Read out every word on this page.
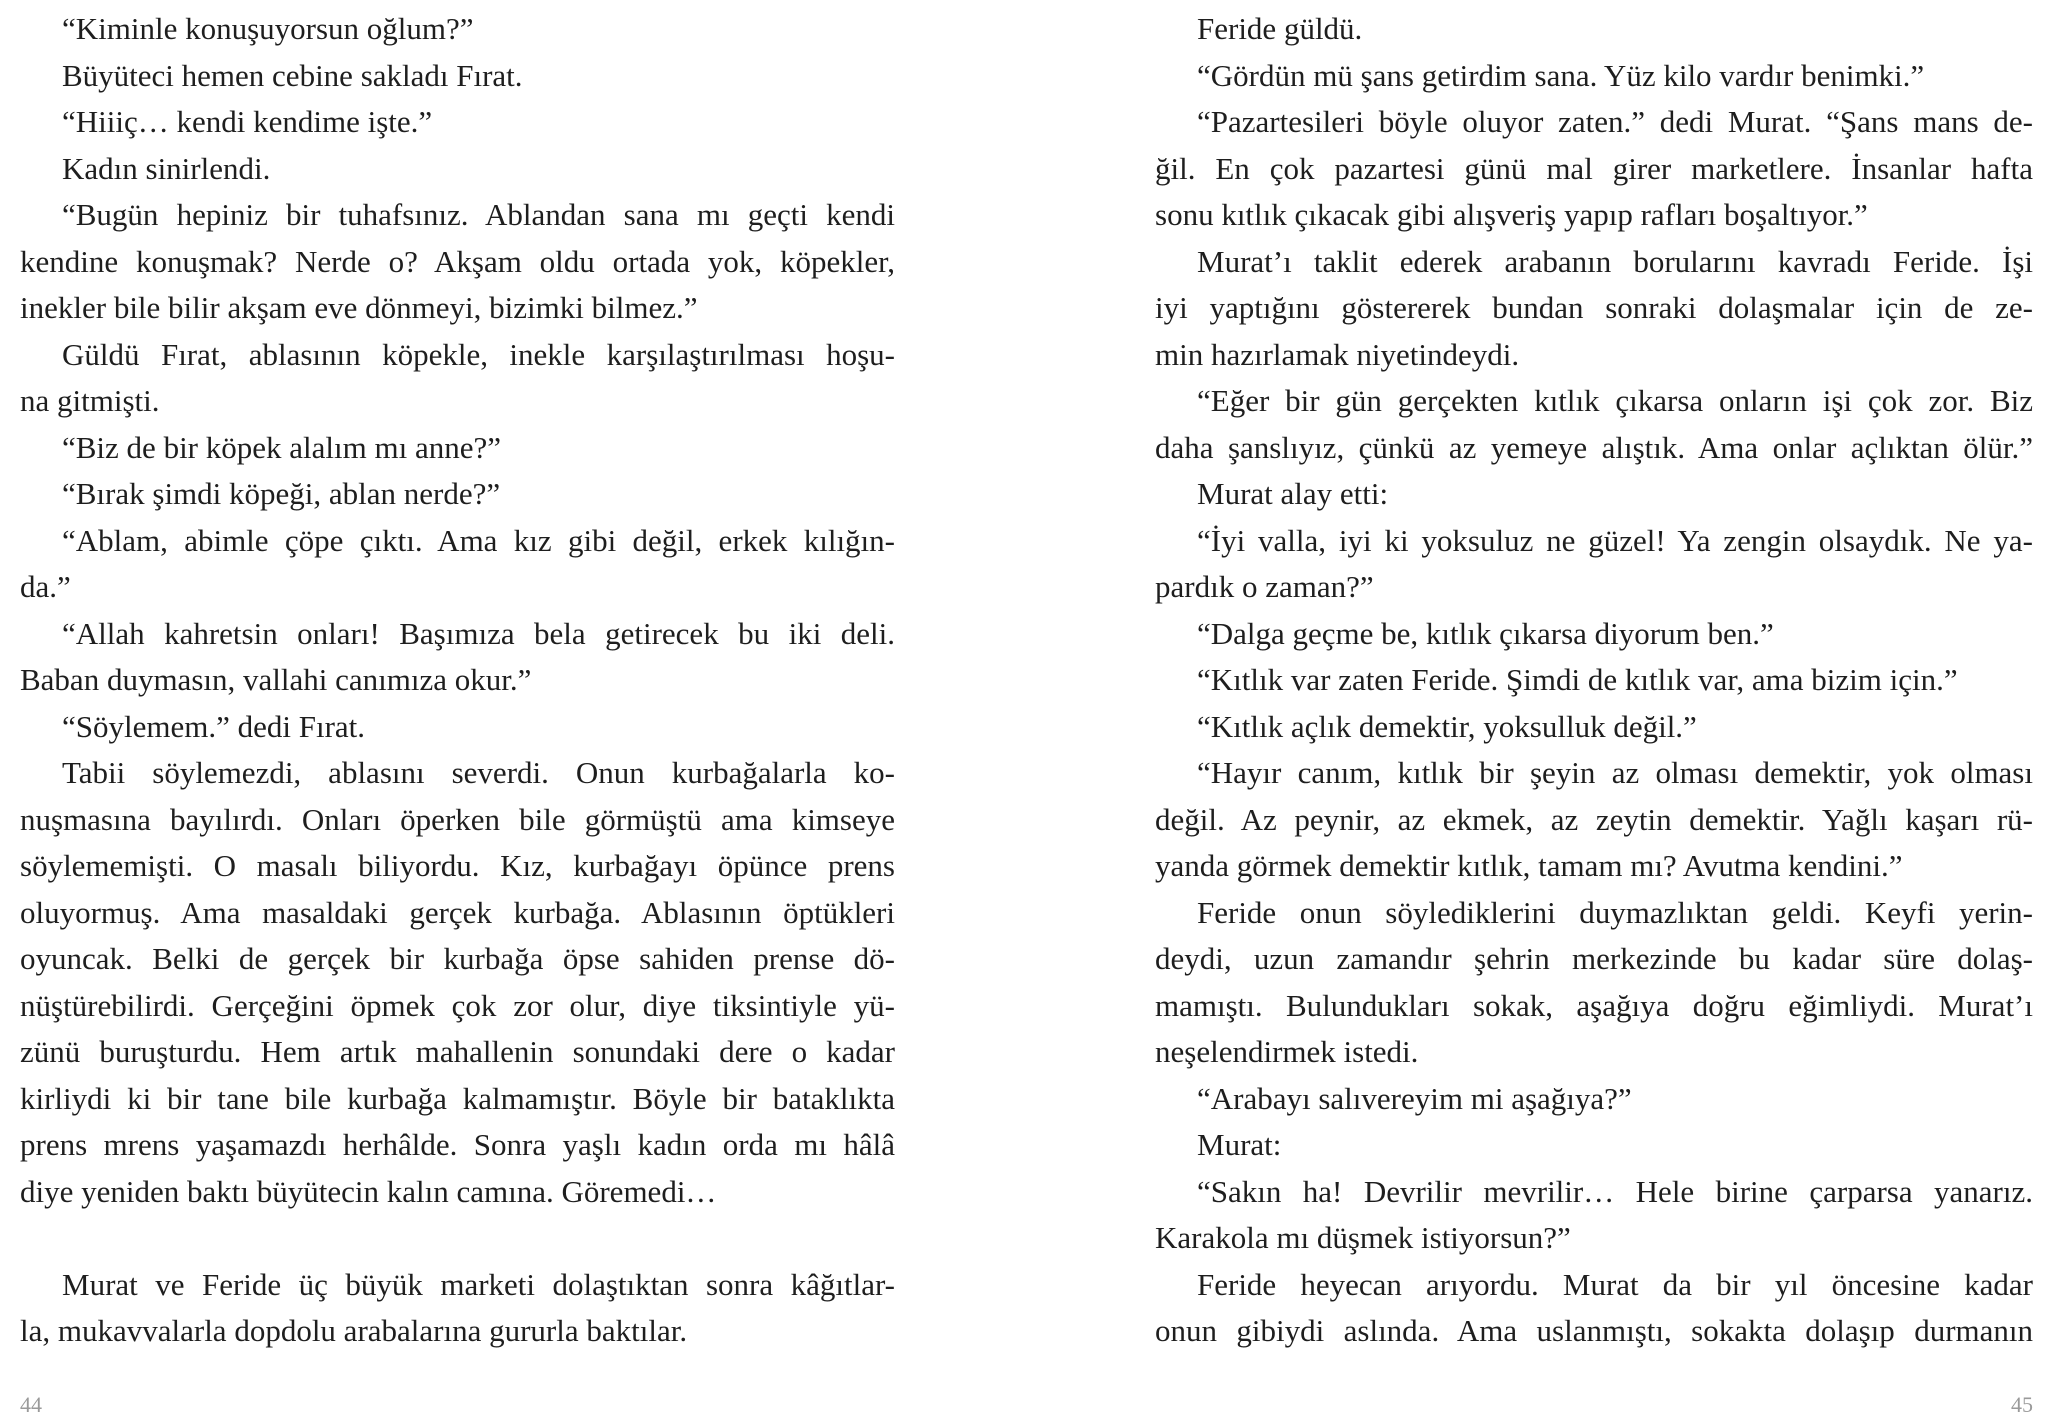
“Kiminle konuşuyorsun oğlum?”
Büyüteci hemen cebine sakladı Fırat.
“Hiiiç… kendi kendime işte.”
Kadın sinirlendi.
“Bugün hepiniz bir tuhafsınız. Ablandan sana mı geçti kendi
kendine konuşmak? Nerde o? Akşam oldu ortada yok, köpekler,
inekler bile bilir akşam eve dönmeyi, bizimki bilmez.”
Güldü Fırat, ablasının köpekle, inekle karşılaştırılması hoşu-
na gitmişti.
“Biz de bir köpek alalım mı anne?”
“Bırak şimdi köpeği, ablan nerde?”
“Ablam, abimle çöpe çıktı. Ama kız gibi değil, erkek kılığın-
da.”
“Allah kahretsin onları! Başımıza bela getirecek bu iki deli.
Baban duymasın, vallahi canımıza okur.”
“Söylemem.” dedi Fırat.
Tabii söylemezdi, ablasını severdi. Onun kurbağalarla ko-
nuşmasına bayılırdı. Onları öperken bile görmüştü ama kimseye
söylememişti. O masalı biliyordu. Kız, kurbağayı öpünce prens
oluyormuş. Ama masaldaki gerçek kurbağa. Ablasının öptükleri
oyuncak. Belki de gerçek bir kurbağa öpse sahiden prense dö-
nüştürebilirdi. Gerçeğini öpmek çok zor olur, diye tiksintiyle yü-
zünü buruşturdu. Hem artık mahallenin sonundaki dere o kadar
kirliydi ki bir tane bile kurbağa kalmamıştır. Böyle bir bataklıkta
prens mrens yaşamazdı herhâlde. Sonra yaşlı kadın orda mı hâlâ
diye yeniden baktı büyütecin kalın camına. Göremedi…
Murat ve Feride üç büyük marketi dolaştıktan sonra kâğıtlar-
la, mukavvalarla dopdolu arabalarına gururla baktılar.
44
Feride güldü.
“Gördün mü şans getirdim sana. Yüz kilo vardır benimki.”
“Pazartesileri böyle oluyor zaten.” dedi Murat. “Şans mans de-
ğil. En çok pazartesi günü mal girer marketlere. İnsanlar hafta
sonu kıtlık çıkacak gibi alışveriş yapıp rafları boşaltıyor.”
Murat’ı taklit ederek arabanın borularını kavradı Feride. İşi
iyi yaptığını göstererek bundan sonraki dolaşmalar için de ze-
min hazırlamak niyetindeydi.
“Eğer bir gün gerçekten kıtlık çıkarsa onların işi çok zor. Biz
daha şanslıyız, çünkü az yemeye alıştık. Ama onlar açlıktan ölür.”
Murat alay etti:
“İyi valla, iyi ki yoksuluz ne güzel! Ya zengin olsaydık. Ne ya-
pardık o zaman?”
“Dalga geçme be, kıtlık çıkarsa diyorum ben.”
“Kıtlık var zaten Feride. Şimdi de kıtlık var, ama bizim için.”
“Kıtlık açlık demektir, yoksulluk değil.”
“Hayır canım, kıtlık bir şeyin az olması demektir, yok olması
değil. Az peynir, az ekmek, az zeytin demektir. Yağlı kaşarı rü-
yanda görmek demektir kıtlık, tamam mı? Avutma kendini.”
Feride onun söylediklerini duymazlıktan geldi. Keyfi yerin-
deydi, uzun zamandır şehrin merkezinde bu kadar süre dolaş-
mamıştı. Bulundukları sokak, aşağıya doğru eğimliydi. Murat’ı
neşelendirmek istedi.
“Arabayı salıvereyim mi aşağıya?”
Murat:
“Sakın ha! Devrilir mevrilir… Hele birine çarparsa yanarız.
Karakola mı düşmek istiyorsun?”
Feride heyecan arıyordu. Murat da bir yıl öncesine kadar
onun gibiydi aslında. Ama uslanmıştı, sokakta dolaşıp durmanın
45
